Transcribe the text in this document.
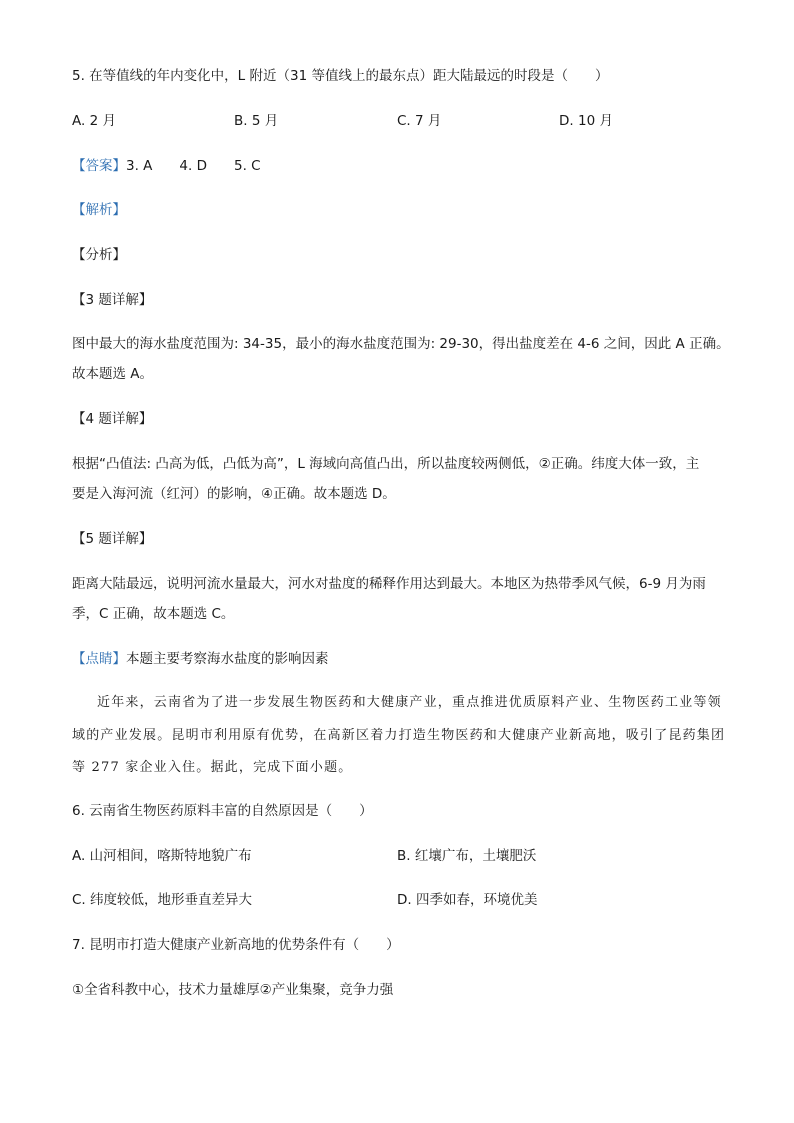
5. 在等值线的年内变化中，L 附近（31 等值线上的最东点）距大陆最远的时段是（　　）
A. 2 月	B. 5 月	C. 7 月	D. 10 月
【答案】3. A　　4. D　　5. C
【解析】
【分析】
【3 题详解】
图中最大的海水盐度范围为: 34-35，最小的海水盐度范围为: 29-30，得出盐度差在 4-6 之间，因此 A 正确。
故本题选 A。
【4 题详解】
根据“凸值法: 凸高为低，凸低为高”，L 海域向高值凸出，所以盐度较两侧低，②正确。纬度大体一致，主
要是入海河流（红河）的影响，④正确。故本题选 D。
【5 题详解】
距离大陆最远，说明河流水量最大，河水对盐度的稀释作用达到最大。本地区为热带季风气候，6-9 月为雨
季，C 正确，故本题选 C。
【点睛】本题主要考察海水盐度的影响因素
近年来，云南省为了进一步发展生物医药和大健康产业，重点推进优质原料产业、生物医药工业等领
域的产业发展。昆明市利用原有优势，在高新区着力打造生物医药和大健康产业新高地，吸引了昆药集团
等 277 家企业入住。据此，完成下面小题。
6. 云南省生物医药原料丰富的自然原因是（　　）
A. 山河相间，喀斯特地貌广布	B. 红壤广布，土壤肥沃
C. 纬度较低，地形垂直差异大	D. 四季如春，环境优美
7. 昆明市打造大健康产业新高地的优势条件有（　　）
①全省科教中心，技术力量雄厚②产业集聚，竞争力强
